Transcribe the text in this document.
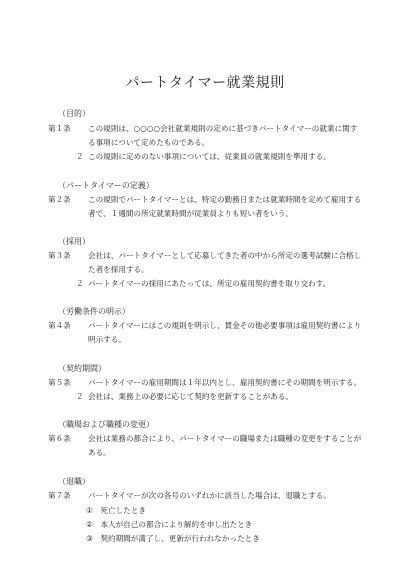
パートタイマー就業規則
（目的）
第１条 この規則は、○○○○会社就業規則の定めに基づきパートタイマーの就業に関す
る事項について定めたものである。
２ この規則に定めのない事項については、従業員の就業規則を準用する。
（パートタイマーの定義）
第２条 この規則でパートタイマーとは、特定の勤務日または就業時間を定めて雇用する
者で、１週間の所定就業時間が従業員よりも短い者をいう。
（採用）
第３条 会社は、パートタイマーとして応募してきた者の中から所定の選考試験に合格し
た者を採用する。
２ パートタイマーの採用にあたっては、所定の雇用契約書を取り交わす。
（労働条件の明示）
第４条 パートタイマーにはこの規則を明示し、賃金その他必要事項は雇用契約書により
明示する。
（契約期間）
第５条 パートタイマーの雇用期間は１年以内とし、雇用契約書にその期間を明示する。
２ 会社は、業務上の必要に応じて契約を更新することがある。
（職場および職種の変更）
第６条 会社は業務の都合により、パートタイマーの職場または職種の変更をすることが
ある。
（退職）
第７条 パートタイマーが次の各号のいずれかに該当した場合は、退職とする。
①　死亡したとき
②　本人が自己の都合により解約を申し出たとき
③　契約期間が満了し、更新が行われなかったとき
